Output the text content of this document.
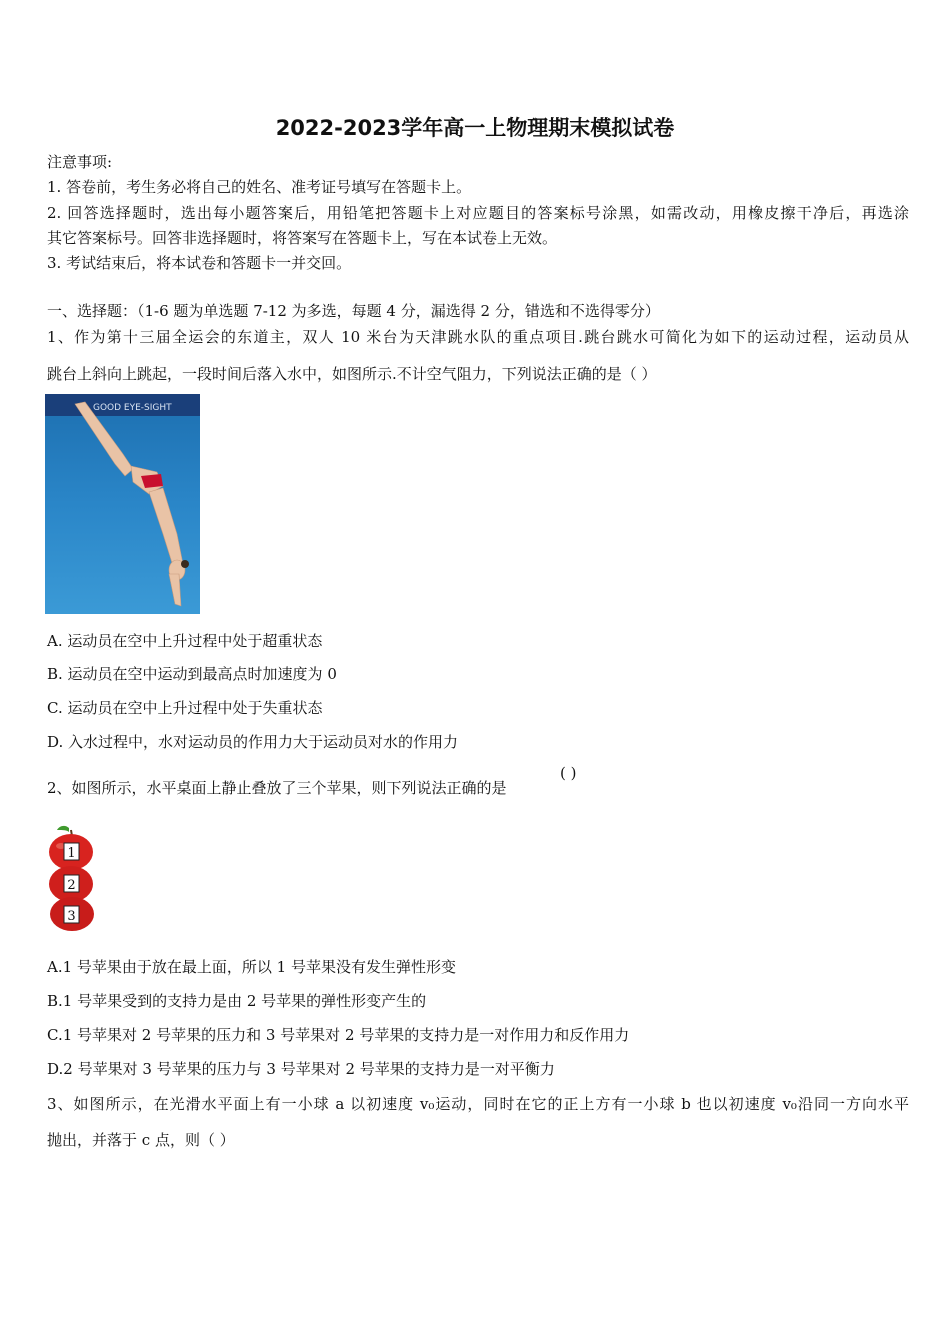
2022-2023学年高一上物理期末模拟试卷
注意事项:
1. 答卷前，考生务必将自己的姓名、准考证号填写在答题卡上。
2. 回答选择题时，选出每小题答案后，用铅笔把答题卡上对应题目的答案标号涂黑，如需改动，用橡皮擦干净后，再选涂
其它答案标号。回答非选择题时，将答案写在答题卡上，写在本试卷上无效。
3. 考试结束后，将本试卷和答题卡一并交回。
一、选择题：（1-6 题为单选题 7-12 为多选，每题 4 分，漏选得 2 分，错选和不选得零分）
1、作为第十三届全运会的东道主，双人 10 米台为天津跳水队的重点项目.跳台跳水可简化为如下的运动过程，运动员从
跳台上斜向上跳起，一段时间后落入水中，如图所示.不计空气阻力，下列说法正确的是（ ）
GOOD EYE-SIGHT
A. 运动员在空中上升过程中处于超重状态
B. 运动员在空中运动到最高点时加速度为 0
C. 运动员在空中上升过程中处于失重状态
D. 入水过程中，水对运动员的作用力大于运动员对水的作用力
2、如图所示，水平桌面上静止叠放了三个苹果，则下列说法正确的是
( )
1
2
3
A.1 号苹果由于放在最上面，所以 1 号苹果没有发生弹性形变
B.1 号苹果受到的支持力是由 2 号苹果的弹性形变产生的
C.1 号苹果对 2 号苹果的压力和 3 号苹果对 2 号苹果的支持力是一对作用力和反作用力
D.2 号苹果对 3 号苹果的压力与 3 号苹果对 2 号苹果的支持力是一对平衡力
3、如图所示，在光滑水平面上有一小球 a 以初速度 v₀运动，同时在它的正上方有一小球 b 也以初速度 v₀沿同一方向水平
抛出，并落于 c 点，则（ ）
